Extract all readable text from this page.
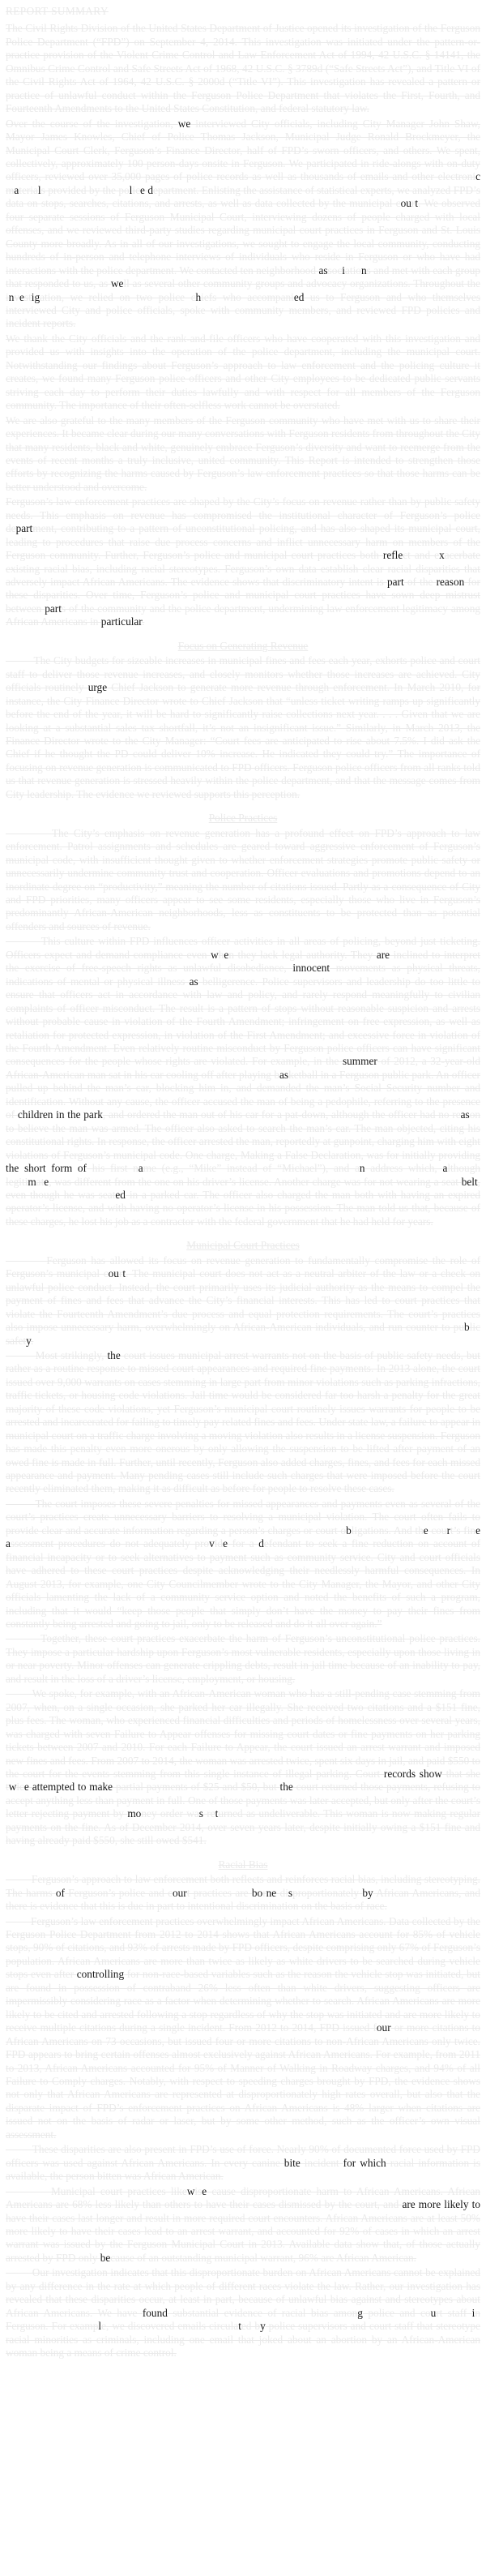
REPORT SUMMARY

The Civil Rights Division of the United States Department of Justice opened its investigation of the Ferguson Police Department (“FPD”) on September 4, 2014. This investigation was initiated under the pattern-or-practice provision of the Violent Crime Control and Law Enforcement Act of 1994, 42 U.S.C. § 14141, the Omnibus Crime Control and Safe Streets Act of 1968, 42 U.S.C. § 3789d (“Safe Streets Act”), and Title VI of the Civil Rights Act of 1964, 42 U.S.C. § 2000d (“Title VI”). This investigation has revealed a pattern or practice of unlawful conduct within the Ferguson Police Department that violates the First, Fourth, and Fourteenth Amendments to the United States Constitution, and federal statutory law.

Over the course of the investigation, we interviewed City officials, including City Manager John Shaw, Mayor James Knowles, Chief of Police Thomas Jackson, Municipal Judge Ronald Brockmeyer, the Municipal Court Clerk, Ferguson’s Finance Director, half of FPD’s sworn officers, and others. We spent, collectively, approximately 100 person-days onsite in Ferguson. We participated in ride-alongs with on-duty officers, reviewed over 35,000 pages of police records as well as thousands of emails and other electronic materials provided by the police department. Enlisting the assistance of statistical experts, we analyzed FPD’s data on stops, searches, citations, and arrests, as well as data collected by the municipal court. We observed four separate sessions of Ferguson Municipal Court, interviewing dozens of people charged with local offenses, and we reviewed third-party studies regarding municipal court practices in Ferguson and St. Louis County more broadly. As in all of our investigations, we sought to engage the local community, conducting hundreds of in-person and telephone interviews of individuals who reside in Ferguson or who have had interactions with the police department. We contacted ten neighborhood associations and met with each group that responded to us, as well as several other community groups and advocacy organizations. Throughout the investigation, we relied on two police chiefs who accompanied us to Ferguson and who themselves interviewed City and police officials, spoke with community members, and reviewed FPD policies and incident reports.

We thank the City officials and the rank-and-file officers who have cooperated with this investigation and provided us with insights into the operation of the police department, including the municipal court. Notwithstanding our findings about Ferguson’s approach to law enforcement and the policing culture it creates, we found many Ferguson police officers and other City employees to be dedicated public servants striving each day to perform their duties lawfully and with respect for all members of the Ferguson community. The importance of their often-selfless work cannot be overstated.

We are also grateful to the many members of the Ferguson community who have met with us to share their experiences. It became clear during our many conversations with Ferguson residents from throughout the City that many residents, black and white, genuinely embrace Ferguson’s diversity and want to reemerge from the events of recent months a truly inclusive, united community. This Report is intended to strengthen those efforts by recognizing the harms caused by Ferguson’s law enforcement practices so that those harms can be better understood and overcome.

Ferguson’s law enforcement practices are shaped by the City’s focus on revenue rather than by public safety needs. This emphasis on revenue has compromised the institutional character of Ferguson’s police department, contributing to a pattern of unconstitutional policing, and has also shaped its municipal court, leading to procedures that raise due process concerns and inflict unnecessary harm on members of the Ferguson community. Further, Ferguson’s police and municipal court practices both reflect and exacerbate existing racial bias, including racial stereotypes. Ferguson’s own data establish clear racial disparities that adversely impact African Americans. The evidence shows that discriminatory intent is part of the reason for these disparities. Over time, Ferguson’s police and municipal court practices have sown deep mistrust between parts of the community and the police department, undermining law enforcement legitimacy among African Americans in particular.

Focus on Generating Revenue

The City budgets for sizeable increases in municipal fines and fees each year, exhorts police and court staff to deliver those revenue increases, and closely monitors whether those increases are achieved. City officials routinely urge Chief Jackson to generate more revenue through enforcement. In March 2010, for instance, the City Finance Director wrote to Chief Jackson that “unless ticket writing ramps up significantly before the end of the year, it will be hard to significantly raise collections next year. . . . Given that we are looking at a substantial sales tax shortfall, it’s not an insignificant issue.” Similarly, in March 2013, the Finance Director wrote to the City Manager: “Court fees are anticipated to rise about 7.5%. I did ask the Chief if he thought the PD could deliver 10% increase. He indicated they could try.” The importance of focusing on revenue generation is communicated to FPD officers. Ferguson police officers from all ranks told us that revenue generation is stressed heavily within the police department, and that the message comes from City leadership. The evidence we reviewed supports this perception.

Police Practices

The City’s emphasis on revenue generation has a profound effect on FPD’s approach to law enforcement. Patrol assignments and schedules are geared toward aggressive enforcement of Ferguson’s municipal code, with insufficient thought given to whether enforcement strategies promote public safety or unnecessarily undermine community trust and cooperation. Officer evaluations and promotions depend to an inordinate degree on “productivity,” meaning the number of citations issued. Partly as a consequence of City and FPD priorities, many officers appear to see some residents, especially those who live in Ferguson’s predominantly African-American neighborhoods, less as constituents to be protected than as potential offenders and sources of revenue.

This culture within FPD influences officer activities in all areas of policing, beyond just ticketing. Officers expect and demand compliance even when they lack legal authority. They are inclined to interpret the exercise of free-speech rights as unlawful disobedience, innocent movements as physical threats, indications of mental or physical illness as belligerence. Police supervisors and leadership do too little to ensure that officers act in accordance with law and policy, and rarely respond meaningfully to civilian complaints of officer misconduct. The result is a pattern of stops without reasonable suspicion and arrests without probable cause in violation of the Fourth Amendment; infringement on free expression, as well as retaliation for protected expression, in violation of the First Amendment; and excessive force in violation of the Fourth Amendment. Even relatively routine misconduct by Ferguson police officers can have significant consequences for the people whose rights are violated. For example, in the summer of 2012, a 32-year-old African-American man sat in his car cooling off after playing basketball in a Ferguson public park. An officer pulled up behind the man’s car, blocking him in, and demanded the man’s Social Security number and identification. Without any cause, the officer accused the man of being a pedophile, referring to the presence of children in the park, and ordered the man out of his car for a pat-down, although the officer had no reason to believe the man was armed. The officer also asked to search the man’s car. The man objected, citing his constitutional rights. In response, the officer arrested the man, reportedly at gunpoint, charging him with eight violations of Ferguson’s municipal code. One charge, Making a False Declaration, was for initially providing the short form of his first name (e.g., “Mike” instead of “Michael”), and an address which, although legitimate, was different from the one on his driver’s license. Another charge was for not wearing a seat belt, even though he was seated in a parked car. The officer also charged the man both with having an expired operator’s license, and with having no operator’s license in his possession. The man told us that, because of these charges, he lost his job as a contractor with the federal government that he had held for years.

Municipal Court Practices

Ferguson has allowed its focus on revenue generation to fundamentally compromise the role of Ferguson’s municipal court. The municipal court does not act as a neutral arbiter of the law or a check on unlawful police conduct. Instead, the court primarily uses its judicial authority as the means to compel the payment of fines and fees that advance the City’s financial interests. This has led to court practices that violate the Fourteenth Amendment’s due process and equal protection requirements. The court’s practices also impose unnecessary harm, overwhelmingly on African-American individuals, and run counter to public safety.

Most strikingly, the court issues municipal arrest warrants not on the basis of public safety needs, but rather as a routine response to missed court appearances and required fine payments. In 2013 alone, the court issued over 9,000 warrants on cases stemming in large part from minor violations such as parking infractions, traffic tickets, or housing code violations. Jail time would be considered far too harsh a penalty for the great majority of these code violations, yet Ferguson’s municipal court routinely issues warrants for people to be arrested and incarcerated for failing to timely pay related fines and fees. Under state law, a failure to appear in municipal court on a traffic charge involving a moving violation also results in a license suspension. Ferguson has made this penalty even more onerous by only allowing the suspension to be lifted after payment of an owed fine is made in full. Further, until recently, Ferguson also added charges, fines, and fees for each missed appearance and payment. Many pending cases still include such charges that were imposed before the court recently eliminated them, making it as difficult as before for people to resolve these cases.

The court imposes these severe penalties for missed appearances and payments even as several of the court’s practices create unnecessary barriers to resolving a municipal violation. The court often fails to provide clear and accurate information regarding a person’s charges or court obligations. And the court’s fine assessment procedures do not adequately provide for a defendant to seek a fine reduction on account of financial incapacity or to seek alternatives to payment such as community service. City and court officials have adhered to these court practices despite acknowledging their needlessly harmful consequences. In August 2013, for example, one City Councilmember wrote to the City Manager, the Mayor, and other City officials lamenting the lack of a community service option and noted the benefits of such a program, including that it would “keep those people that simply don’t have the money to pay their fines from constantly being arrested and going to jail, only to be released and do it all over again.”

Together, these court practices exacerbate the harm of Ferguson’s unconstitutional police practices. They impose a particular hardship upon Ferguson’s most vulnerable residents, especially upon those living in or near poverty. Minor offenses can generate crippling debts, result in jail time because of an inability to pay, and result in the loss of a driver’s license, employment, or housing.

We spoke, for example, with an African-American woman who has a still-pending case stemming from 2007, when, on a single occasion, she parked her car illegally. She received two citations and a $151 fine, plus fees. The woman, who experienced financial difficulties and periods of homelessness over several years, was charged with seven Failure to Appear offenses for missing court dates or fine payments on her parking tickets between 2007 and 2010. For each Failure to Appear, the court issued an arrest warrant and imposed new fines and fees. From 2007 to 2014, the woman was arrested twice, spent six days in jail, and paid $550 to the court for the events stemming from this single instance of illegal parking. Court records show that she twice attempted to make partial payments of $25 and $50, but the court returned those payments, refusing to accept anything less than payment in full. One of those payments was later accepted, but only after the court’s letter rejecting payment by money order was returned as undeliverable. This woman is now making regular payments on the fine. As of December 2014, over seven years later, despite initially owing a $151 fine and having already paid $550, she still owed $541.

Racial Bias

Ferguson’s approach to law enforcement both reflects and reinforces racial bias, including stereotyping. The harms of Ferguson’s police and court practices are borne disproportionately by African Americans, and there is evidence that this is due in part to intentional discrimination on the basis of race.

Ferguson’s law enforcement practices overwhelmingly impact African Americans. Data collected by the Ferguson Police Department from 2012 to 2014 shows that African Americans account for 85% of vehicle stops, 90% of citations, and 93% of arrests made by FPD officers, despite comprising only 67% of Ferguson’s population. African Americans are more than twice as likely as white drivers to be searched during vehicle stops even after controlling for non-race-based variables such as the reason the vehicle stop was initiated, but are found in possession of contraband 26% less often than white drivers, suggesting officers are impermissibly considering race as a factor when determining whether to search. African Americans are more likely to be cited and arrested following a stop regardless of why the stop was initiated and are more likely to receive multiple citations during a single incident. From 2012 to 2014, FPD issued four or more citations to African Americans on 73 occasions, but issued four or more citations to non-African Americans only twice. FPD appears to bring certain offenses almost exclusively against African Americans. For example, from 2011 to 2013, African Americans accounted for 95% of Manner of Walking in Roadway charges, and 94% of all Failure to Comply charges. Notably, with respect to speeding charges brought by FPD, the evidence shows not only that African Americans are represented at disproportionately high rates overall, but also that the disparate impact of FPD’s enforcement practices on African Americans is 48% larger when citations are issued not on the basis of radar or laser, but by some other method, such as the officer’s own visual assessment.

These disparities are also present in FPD’s use of force. Nearly 90% of documented force used by FPD officers was used against African Americans. In every canine bite incident for which racial information is available, the person bitten was African American.

Municipal court practices likewise cause disproportionate harm to African Americans. African Americans are 68% less likely than others to have their cases dismissed by the court, and are more likely to have their cases last longer and result in more required court encounters. African Americans are at least 50% more likely to have their cases lead to an arrest warrant, and accounted for 92% of cases in which an arrest warrant was issued by the Ferguson Municipal Court in 2013. Available data show that, of those actually arrested by FPD only because of an outstanding municipal warrant, 96% are African American.

Our investigation indicates that this disproportionate burden on African Americans cannot be explained by any difference in the rate at which people of different races violate the law. Rather, our investigation has revealed that these disparities occur, at least in part, because of unlawful bias against and stereotypes about African Americans. We have found substantial evidence of racial bias among police and court staff in Ferguson. For example, we discovered emails circulated by police supervisors and court staff that stereotype racial minorities as criminals, including one email that joked about an abortion by an African-American woman being a means of crime control.
